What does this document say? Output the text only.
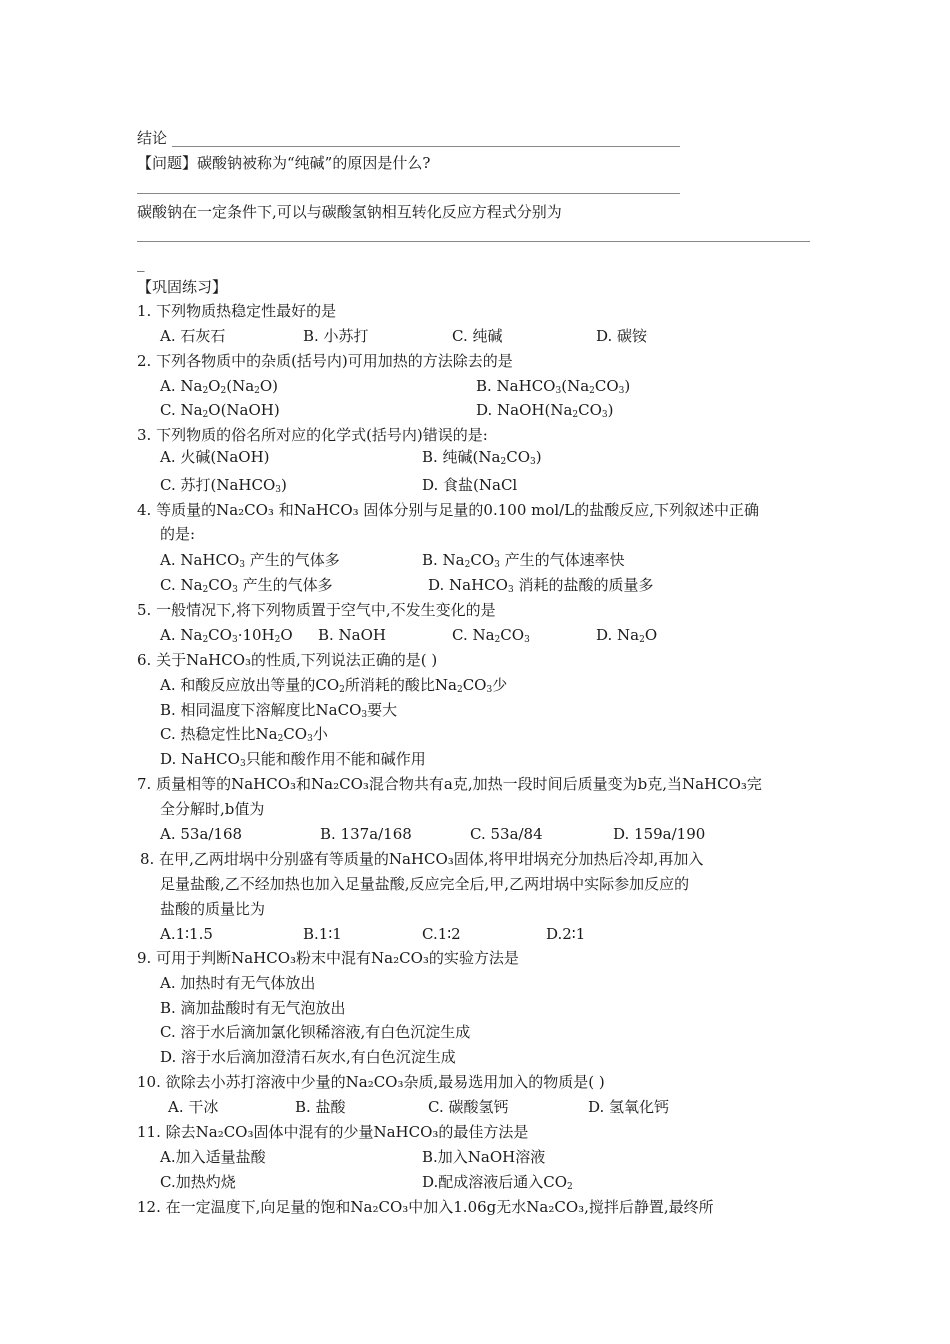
结论
【问题】碳酸钠被称为“纯碱”的原因是什么?
碳酸钠在一定条件下,可以与碳酸氢钠相互转化反应方程式分别为
_
【巩固练习】
1. 下列物质热稳定性最好的是
A. 石灰石	B. 小苏打	C. 纯碱	D. 碳铵
2. 下列各物质中的杂质(括号内)可用加热的方法除去的是
A. $Na_2O_2(Na_2O)$	B. $NaHCO_3(Na_2CO_3)$
C. $Na_2O(NaOH)$	D. $NaOH(Na_2CO_3)$
3. 下列物质的俗名所对应的化学式(括号内)错误的是:
A. 火碱(NaOH)	B. 纯碱$(Na_2CO_3)$
C. 苏打(NaHCO$_3$)	D. 食盐(NaCl
4. 等质量的Na₂CO₃ 和NaHCO₃ 固体分别与足量的0.100 mol/L的盐酸反应,下列叙述中正确
的是:
A. NaHCO$_3$ 产生的气体多	B. $Na_2CO_3$ 产生的气体速率快
C. $Na_2CO_3$ 产生的气体多	D. NaHCO$_3$ 消耗的盐酸的质量多
5. 一般情况下,将下列物质置于空气中,不发生变化的是
A. $Na_2CO_3\cdot 10H_2O$ B. NaOH	C. $Na_2CO_3$	D. $Na_2O$
6. 关于NaHCO₃的性质,下列说法正确的是( )
A. 和酸反应放出等量的$CO_2$所消耗的酸比$Na_2CO_3$少
B. 相同温度下溶解度比NaCO$_3$要大
C. 热稳定性比$Na_2CO_3$小
D. NaHCO$_3$只能和酸作用不能和碱作用
7. 质量相等的NaHCO₃和Na₂CO₃混合物共有a克,加热一段时间后质量变为b克,当NaHCO₃完
全分解时,b值为
A. 53a/168	B. 137a/168	C. 53a/84	D. 159a/190
8. 在甲,乙两坩埚中分别盛有等质量的NaHCO₃固体,将甲坩埚充分加热后冷却,再加入
足量盐酸,乙不经加热也加入足量盐酸,反应完全后,甲,乙两坩埚中实际参加反应的
盐酸的质量比为
A.1∶1.5	B.1∶1	C.1∶2	D.2∶1
9. 可用于判断NaHCO₃粉末中混有Na₂CO₃的实验方法是
A. 加热时有无气体放出
B. 滴加盐酸时有无气泡放出
C. 溶于水后滴加氯化钡稀溶液,有白色沉淀生成
D. 溶于水后滴加澄清石灰水,有白色沉淀生成
10. 欲除去小苏打溶液中少量的Na₂CO₃杂质,最易选用加入的物质是( )
A. 干冰	B. 盐酸	C. 碳酸氢钙	D. 氢氧化钙
11. 除去Na₂CO₃固体中混有的少量NaHCO₃的最佳方法是
A.加入适量盐酸	B.加入NaOH溶液
C.加热灼烧	D.配成溶液后通入$CO_2$
12. 在一定温度下,向足量的饱和Na₂CO₃中加入1.06g无水Na₂CO₃,搅拌后静置,最终所
